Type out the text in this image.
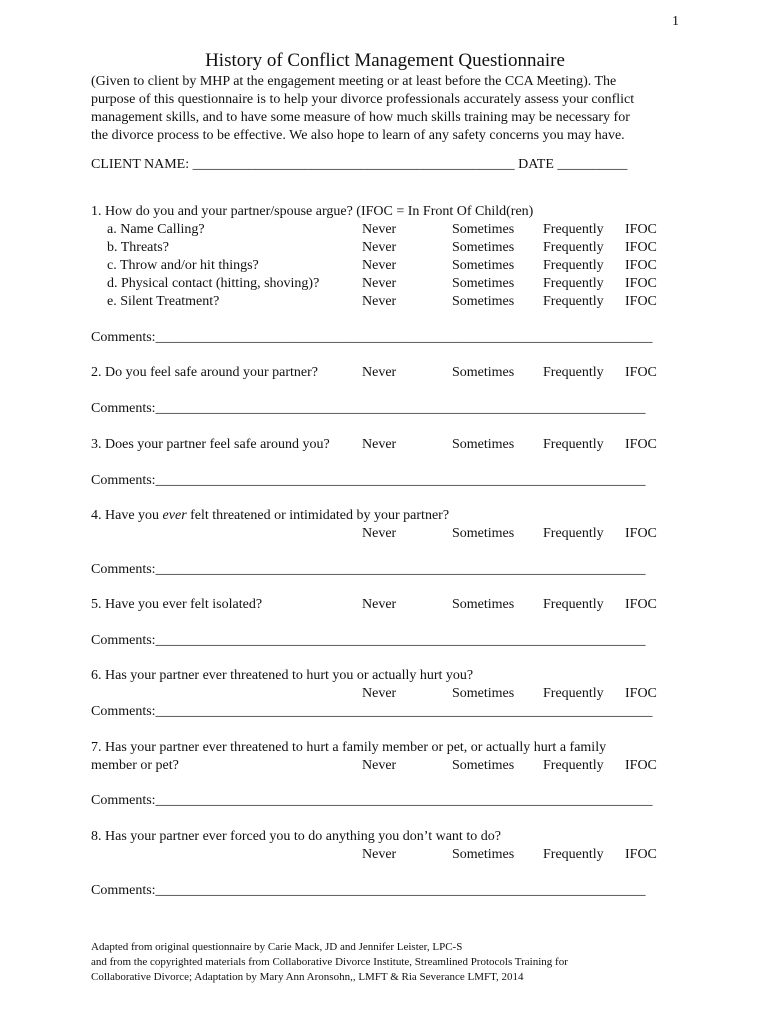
1
History of Conflict Management Questionnaire
(Given to client by MHP at the engagement meeting or at least before the CCA Meeting). The
purpose of this questionnaire is to help your divorce professionals accurately assess your conflict
management skills, and to have some measure of how much skills training may be necessary for
the divorce process to be effective. We also hope to learn of any safety concerns you may have.
CLIENT NAME: ______________________________________________ DATE __________
1. How do you and your partner/spouse argue? (IFOC = In Front Of Child(ren)
a. Name Calling?	Never	Sometimes Frequently IFOC
b. Threats?	Never	Sometimes Frequently IFOC
c. Throw and/or hit things?	Never	Sometimes Frequently IFOC
d. Physical contact (hitting, shoving)?	Never	Sometimes Frequently IFOC
e. Silent Treatment?	Never	Sometimes Frequently IFOC
Comments:_______________________________________________________________________
2. Do you feel safe around your partner?	Never	Sometimes Frequently IFOC
Comments:______________________________________________________________________
3. Does your partner feel safe around you? Never	Sometimes Frequently IFOC
Comments:______________________________________________________________________
4. Have you ever felt threatened or intimidated by your partner?
Never	Sometimes Frequently IFOC
Comments:______________________________________________________________________
5. Have you ever felt isolated?	Never	Sometimes Frequently IFOC
Comments:______________________________________________________________________
6. Has your partner ever threatened to hurt you or actually hurt you?
Never	Sometimes Frequently IFOC
Comments:_______________________________________________________________________
7. Has your partner ever threatened to hurt a family member or pet, or actually hurt a family
member or pet?	Never	Sometimes Frequently IFOC
Comments:_______________________________________________________________________
8. Has your partner ever forced you to do anything you don’t want to do?
Never	Sometimes Frequently IFOC
Comments:______________________________________________________________________
Adapted from original questionnaire by Carie Mack, JD and Jennifer Leister, LPC-S
and from the copyrighted materials from Collaborative Divorce Institute, Streamlined Protocols Training for
Collaborative Divorce; Adaptation by Mary Ann Aronsohn,, LMFT & Ria Severance LMFT, 2014
